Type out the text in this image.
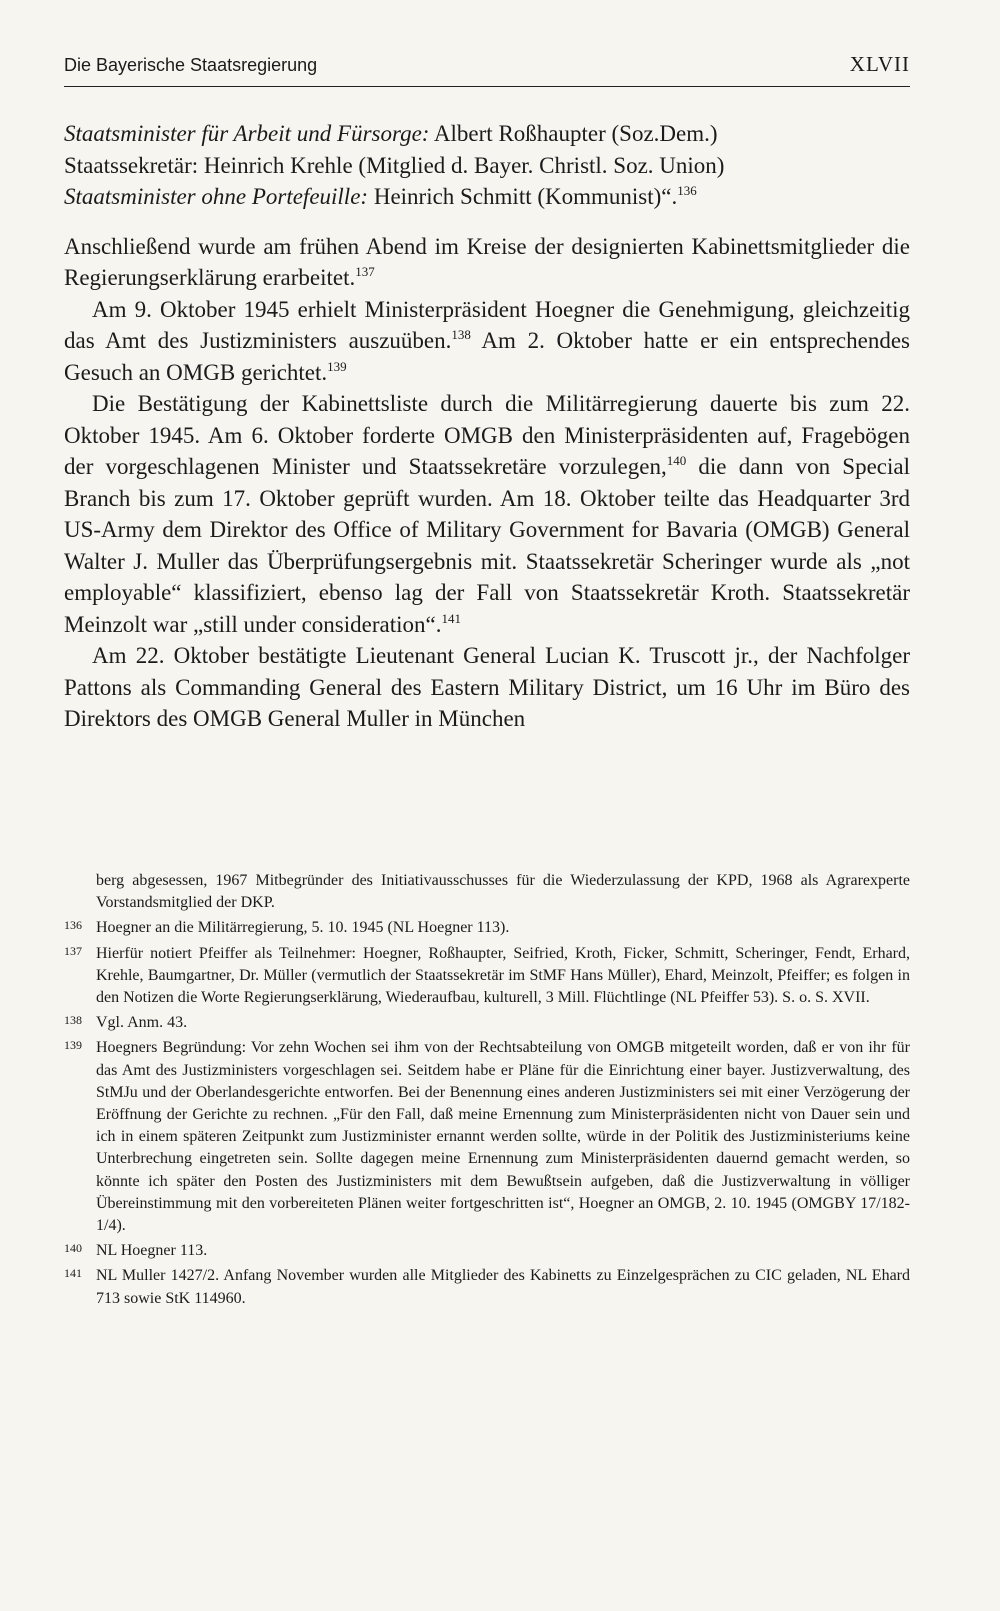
Die Bayerische Staatsregierung	XLVII

Staatsminister für Arbeit und Fürsorge: Albert Roßhaupter (Soz.Dem.)
Staatssekretär: Heinrich Krehle (Mitglied d. Bayer. Christl. Soz. Union)
Staatsminister ohne Portefeuille: Heinrich Schmitt (Kommunist)“.$^{136}$

Anschließend wurde am frühen Abend im Kreise der designierten Kabinettsmitglieder die Regierungserklärung erarbeitet.$^{137}$

Am 9. Oktober 1945 erhielt Ministerpräsident Hoegner die Genehmigung, gleichzeitig das Amt des Justizministers auszuüben.$^{138}$ Am 2. Oktober hatte er ein entsprechendes Gesuch an OMGB gerichtet.$^{139}$

Die Bestätigung der Kabinettsliste durch die Militärregierung dauerte bis zum 22. Oktober 1945. Am 6. Oktober forderte OMGB den Ministerpräsidenten auf, Fragebögen der vorgeschlagenen Minister und Staatssekretäre vorzulegen,$^{140}$ die dann von Special Branch bis zum 17. Oktober geprüft wurden. Am 18. Oktober teilte das Headquarter 3rd US-Army dem Direktor des Office of Military Government for Bavaria (OMGB) General Walter J. Muller das Überprüfungsergebnis mit. Staatssekretär Scheringer wurde als „not employable“ klassifiziert, ebenso lag der Fall von Staatssekretär Kroth. Staatssekretär Meinzolt war „still under consideration“.$^{141}$

Am 22. Oktober bestätigte Lieutenant General Lucian K. Truscott jr., der Nachfolger Pattons als Commanding General des Eastern Military District, um 16 Uhr im Büro des Direktors des OMGB General Muller in München

berg abgesessen, 1967 Mitbegründer des Initiativausschusses für die Wiederzulassung der KPD, 1968 als Agrarexperte Vorstandsmitglied der DKP.
136 Hoegner an die Militärregierung, 5. 10. 1945 (NL Hoegner 113).
137 Hierfür notiert Pfeiffer als Teilnehmer: Hoegner, Roßhaupter, Seifried, Kroth, Ficker, Schmitt, Scheringer, Fendt, Erhard, Krehle, Baumgartner, Dr. Müller (vermutlich der Staatssekretär im StMF Hans Müller), Ehard, Meinzolt, Pfeiffer; es folgen in den Notizen die Worte Regierungserklärung, Wiederaufbau, kulturell, 3 Mill. Flüchtlinge (NL Pfeiffer 53). S. o. S. XVII.
138 Vgl. Anm. 43.
139 Hoegners Begründung: Vor zehn Wochen sei ihm von der Rechtsabteilung von OMGB mitgeteilt worden, daß er von ihr für das Amt des Justizministers vorgeschlagen sei. Seitdem habe er Pläne für die Einrichtung einer bayer. Justizverwaltung, des StMJu und der Oberlandesgerichte entworfen. Bei der Benennung eines anderen Justizministers sei mit einer Verzögerung der Eröffnung der Gerichte zu rechnen. „Für den Fall, daß meine Ernennung zum Ministerpräsidenten nicht von Dauer sein und ich in einem späteren Zeitpunkt zum Justizminister ernannt werden sollte, würde in der Politik des Justizministeriums keine Unterbrechung eingetreten sein. Sollte dagegen meine Ernennung zum Ministerpräsidenten dauernd gemacht werden, so könnte ich später den Posten des Justizministers mit dem Bewußtsein aufgeben, daß die Justizverwaltung in völliger Übereinstimmung mit den vorbereiteten Plänen weiter fortgeschritten ist“, Hoegner an OMGB, 2. 10. 1945 (OMGBY 17/182-1/4).
140 NL Hoegner 113.
141 NL Muller 1427/2. Anfang November wurden alle Mitglieder des Kabinetts zu Einzelgesprächen zu CIC geladen, NL Ehard 713 sowie StK 114960.
